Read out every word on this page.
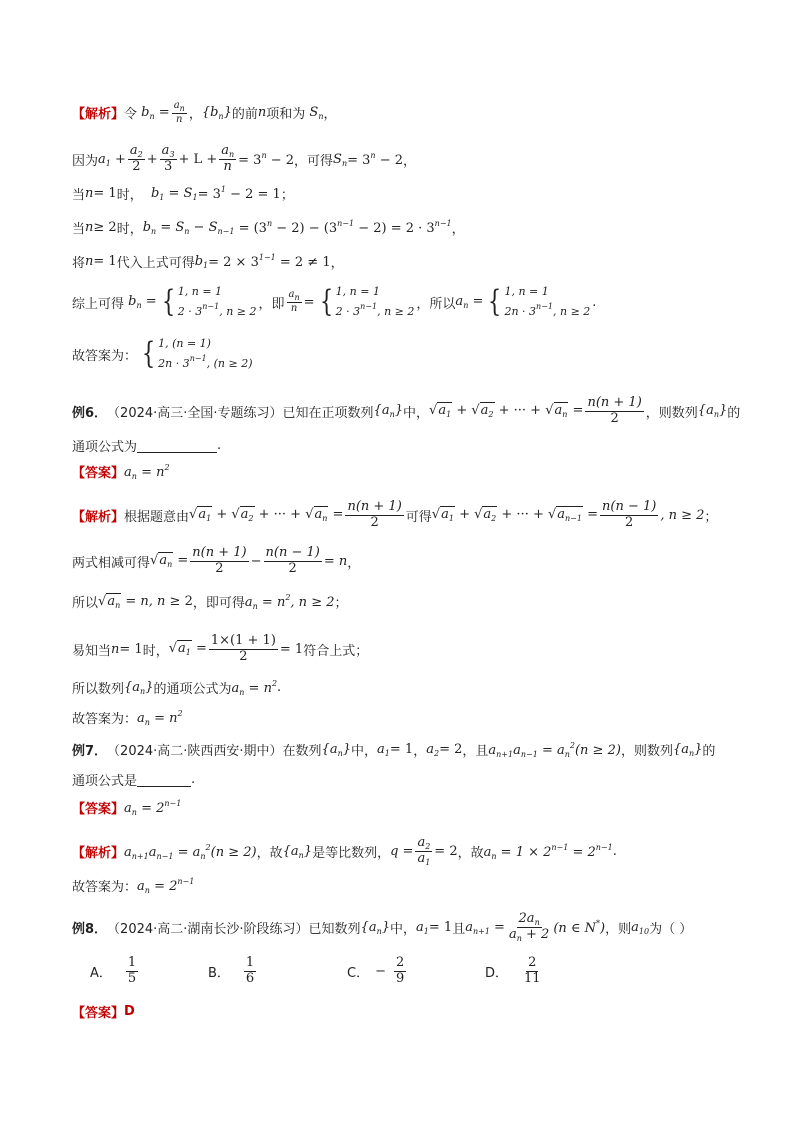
【解析】 令 $b_n = \frac{a_n}{n}$ ， $\{b_n\}$ 的前 n 项和为 $S_n$ ，
因为 $a_1 + \frac{a_2}{2} + \frac{a_3}{3} + L + \frac{a_n}{n} = 3^n - 2$ ，可得 $S_n = 3^n - 2$ ，
当 n = 1 时， $b_1 = S_1 = 3^1 - 2 = 1$ ；
当 n ≥ 2 时， $b_n = S_n - S_{n-1} = (3^n - 2) - (3^{n-1} - 2) = 2 \cdot 3^{n-1}$ ，
将 n = 1 代入上式可得 $b_1 = 2 \times 3^{1-1} = 2 \ne 1$ ，
综上可得 $b_n$ = { 1, n = 1
$2 \cdot 3^{n-1}$, n ≥ 2 ，即 $\frac{a_n}{n}$ = { 1, n = 1
$2 \cdot 3^{n-1}$, n ≥ 2 ，所以 $a_n$ = { 1, n = 1
$2n \cdot 3^{n-1}$, n ≥ 2
.
故答案为： { 1, (n = 1)
$2n \cdot 3^{n-1}$, (n ≥ 2)
例6． （2024·高三·全国·专题练习） 已知在正项数列 $\{a_n\}$ 中， $√a_1 + √a_2$ + ··· + $√a_n = \frac{n(n + 1)}{2}$ ，则数列 $\{a_n\}$ 的
通项公式为	.
【答案】 $a_n = n^2$
【解析】 根据题意由 $√a_1 + √a_2$ + ··· + $√a_n = \frac{n(n + 1)}{2}$ 可得 $√a_1 + √a_2$ + ··· + $√a_{n-1} = \frac{n(n - 1)}{2}$ , n ≥ 2 ；
两式相减可得 $√a_n = \frac{n(n + 1)}{2} - \frac{n(n - 1)}{2} = n$ ，
所以 $√a_n = n$, n ≥ 2 ，即可得 $a_n = n^2$, n ≥ 2 ；
易知当 n = 1 时， $√a_1 = \frac{1\times(1 + 1)}{2} = 1$ 符合上式；
所以数列 $\{a_n\}$ 的通项公式为 $a_n = n^2$ .
故答案为： $a_n = n^2$
例7． （2024·高二·陕西西安·期中） 在数列 $\{a_n\}$ 中， $a_1 = 1$ ， $a_2 = 2$ ，且 $a_{n+1}a_{n-1} = a_n^2(n \ge 2)$ ，则数列 $\{a_n\}$ 的
通项公式是	.
【答案】 $a_n = 2^{n-1}$
【解析】 $a_{n+1}a_{n-1} = a_n^2(n \ge 2)$ ，故 $\{a_n\}$ 是等比数列， $q = \frac{a_2}{a_1} = 2$ ，故 $a_n = 1 \times 2^{n-1} = 2^{n-1}$ .
故答案为： $a_n = 2^{n-1}$
例8． （2024·高二·湖南长沙·阶段练习） 已知数列 $\{a_n\}$ 中， $a_1 = 1$ 且 $a_{n+1} = \frac{2a_n}{a_n + 2} (n$ ∈ N*) ，则 $a_{10}$ 为（ ）
A． $\frac{1}{5}$	B． $\frac{1}{6}$	C． − $\frac{2}{9}$	D． $\frac{2}{11}$
【答案】 D
